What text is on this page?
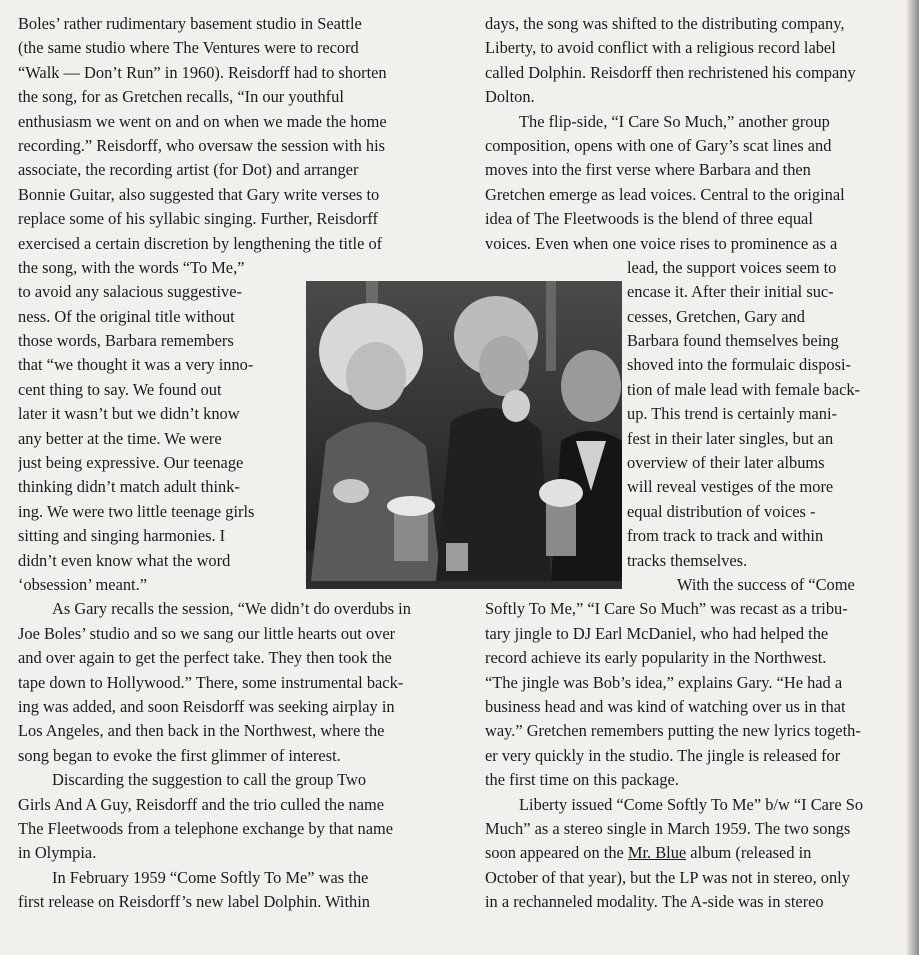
Boles’ rather rudimentary basement studio in Seattle
(the same studio where The Ventures were to record
“Walk — Don’t Run” in 1960). Reisdorff had to shorten
the song, for as Gretchen recalls, “In our youthful
enthusiasm we went on and on when we made the home
recording.” Reisdorff, who oversaw the session with his
associate, the recording artist (for Dot) and arranger
Bonnie Guitar, also suggested that Gary write verses to
replace some of his syllabic singing. Further, Reisdorff
exercised a certain discretion by lengthening the title of
the song, with the words “To Me,”
to avoid any salacious suggestive-
ness. Of the original title without
those words, Barbara remembers
that “we thought it was a very inno-
cent thing to say. We found out
later it wasn’t but we didn’t know
any better at the time. We were
just being expressive. Our teenage
thinking didn’t match adult think-
ing. We were two little teenage girls
sitting and singing harmonies. I
didn’t even know what the word
‘obsession’ meant.”
As Gary recalls the session, “We didn’t do overdubs in
Joe Boles’ studio and so we sang our little hearts out over
and over again to get the perfect take. They then took the
tape down to Hollywood.” There, some instrumental back-
ing was added, and soon Reisdorff was seeking airplay in
Los Angeles, and then back in the Northwest, where the
song began to evoke the first glimmer of interest.
Discarding the suggestion to call the group Two
Girls And A Guy, Reisdorff and the trio culled the name
The Fleetwoods from a telephone exchange by that name
in Olympia.
In February 1959 “Come Softly To Me” was the
first release on Reisdorff’s new label Dolphin. Within
days, the song was shifted to the distributing company,
Liberty, to avoid conflict with a religious record label
called Dolphin. Reisdorff then rechristened his company
Dolton.
The flip-side, “I Care So Much,” another group
composition, opens with one of Gary’s scat lines and
moves into the first verse where Barbara and then
Gretchen emerge as lead voices. Central to the original
idea of The Fleetwoods is the blend of three equal
voices. Even when one voice rises to prominence as a
lead, the support voices seem to
encase it. After their initial suc-
cesses, Gretchen, Gary and
Barbara found themselves being
shoved into the formulaic disposi-
tion of male lead with female back-
up. This trend is certainly mani-
fest in their later singles, but an
overview of their later albums
will reveal vestiges of the more
equal distribution of voices -
from track to track and within
tracks themselves.
With the success of “Come
Softly To Me,” “I Care So Much” was recast as a tribu-
tary jingle to DJ Earl McDaniel, who had helped the
record achieve its early popularity in the Northwest.
“The jingle was Bob’s idea,” explains Gary. “He had a
business head and was kind of watching over us in that
way.” Gretchen remembers putting the new lyrics togeth-
er very quickly in the studio. The jingle is released for
the first time on this package.
Liberty issued “Come Softly To Me” b/w “I Care So
Much” as a stereo single in March 1959. The two songs
soon appeared on the Mr. Blue album (released in
October of that year), but the LP was not in stereo, only
in a rechanneled modality. The A-side was in stereo
